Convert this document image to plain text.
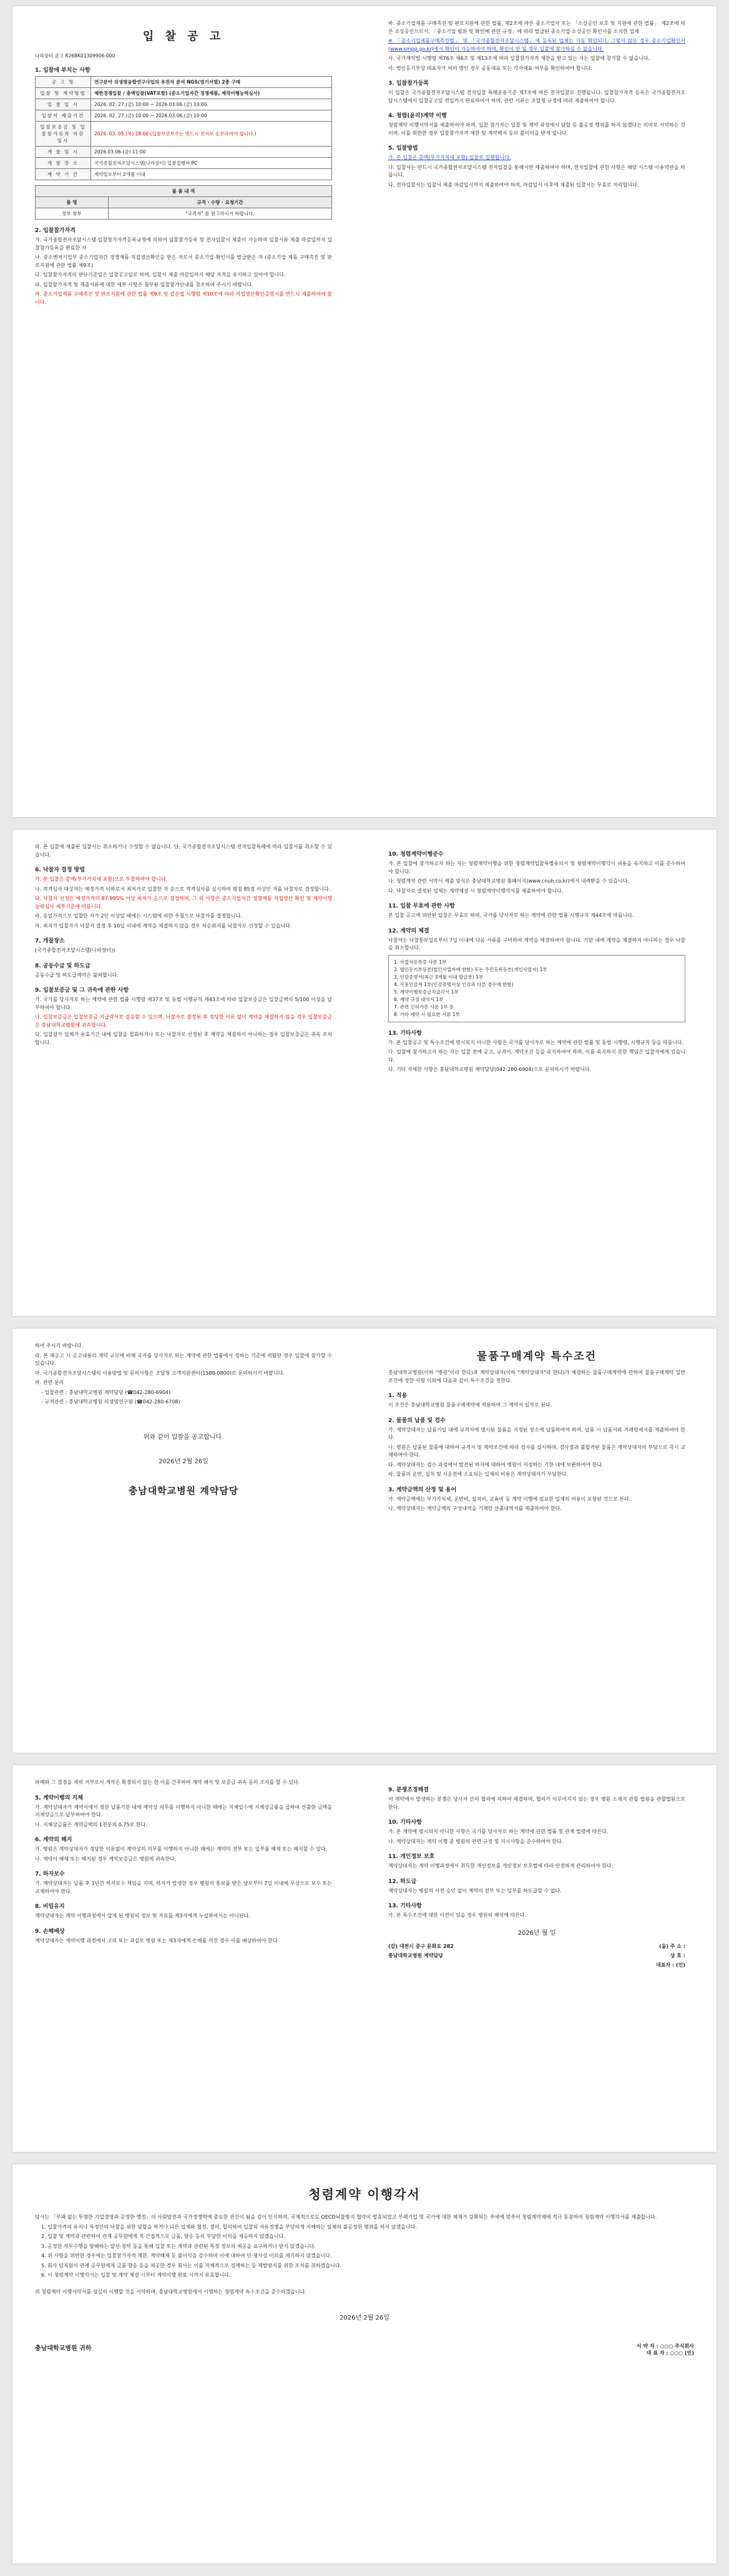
입 찰 공 고
나라장터 공고 R26BK01309906-000
1. 입찰에 부치는 사항
공 고 명	연구분야 의생명융합연구사업의 유전자 분석 NGS(염기서열) 2종 구매
입찰 및 계약방법	제한경쟁입찰 / 총액입찰(VAT포함) (중소기업자간 경쟁제품, 제작이행능력심사)
입 찰 일 시	2026. 02. 27.(금) 10:00 ~ 2026.03.06.(금) 10:00
입찰서 제출기간	2026. 02. 27.(금) 10:00 ~ 2026.03.06.(금) 10:00
입찰보증금 및 입찰참가등록 마감일시	2026. 03. 05.(목) 18:00 (입찰보증보수는 반드시 전자로 송부하여야 합니다.)
개 찰 일 시	2026.03.06.(금) 11:00
개 찰 장 소	국가종합전자조달시스템(나라장터) 입찰집행자 PC
계 약 기 간	계약일로부터 2개월 이내
물 품 내 역	
품 명	규격 · 수량 · 요청기간
장부 첨부	"규격서" 를 참고하시기 바랍니다.
2. 입찰참가자격

가. 국가종합전자조달시스템 입찰참가자격등록규정에 의하여 입찰참가등록 및 전자입찰서 제출이 가능하며 입찰서류 제출 마감일까지 입찰참가등록을 완료한 자

나. 중소벤처기업부 중소기업자간 경쟁제품 직접생산확인을 받은 자로서 중소기업 확인서를 발급받은 자 (중소기업 제품 구매촉진 및 판로지원에 관한 법률 제9조)

다. 입찰참가자격의 판단기준일은 입찰공고일로 하며, 입찰서 제출 마감일까지 해당 자격을 유지하고 있어야 합니다.

라. 입찰참가자격 및 제출서류에 대한 세부 사항은 첨부된 입찰참가안내를 참조하여 주시기 바랍니다.

마. 중소기업제품 구매촉진 및 판로지원에 관한 법률 제9조 및 같은법 시행령 제10조에 따라 직접생산확인증명서를 반드시 제출하여야 합니다.

바. 중소기업제품 구매촉진 및 판로지원에 관한 법률, 제2조에 따른 중소기업자 또는 「소상공인 보호 및 지원에 관한 법률」 제2조에 따른 소상공인으로서, 「중소기업 범위 및 확인에 관한 규정」에 따라 발급된 중소기업·소상공인 확인서를 소지한 업체

※ 「중소기업제품구매촉진법」 및 「국가종합전자조달시스템」에 등록된 업체는 자동 확인되나, 그렇지 않은 경우 중소기업확인서(www.smpp.go.kr)에서 확인이 가능하여야 하며, 확인이 안 될 경우 입찰에 참가하실 수 없습니다.

사. 국가계약법 시행령 제76조 제6조 및 제13조에 따라 입찰참가자격 제한을 받고 있는 자는 입찰에 참가할 수 없습니다.

아. 법인등기부상 대표자가 여러 명인 경우 공동대표 또는 각자대표 여부를 확인하여야 합니다.

3. 입찰참가등록

이 입찰은 국가종합전자조달시스템 전자입찰 특례운용기준 제7조에 따른 전자입찰로 진행됩니다. 입찰참가자격 등록은 국가종합전자조달시스템에서 입찰공고일 전일까지 완료하여야 하며, 관련 서류는 조달청 규정에 따라 제출하여야 합니다.

4. 청렴(윤리)계약 이행

청렴계약 이행서약서를 제출하여야 하며, 입찰 참가자는 입찰 및 계약 과정에서 담합 등 불공정 행위를 하지 않겠다는 의미로 서약하는 것이며, 이를 위반한 경우 입찰참가자격 제한 및 계약해지 등의 불이익을 받게 됩니다.

5. 입찰방법

가. 본 입찰은 총액(부가가치세 포함) 입찰로 집행합니다.

나. 입찰서는 반드시 국가종합전자조달시스템 전자입찰을 통해서만 제출하여야 하며, 전자입찰에 관한 사항은 해당 시스템 이용약관을 따릅니다.

다. 전자입찰서는 입찰서 제출 마감일시까지 제출하여야 하며, 마감일시 이후에 제출된 입찰서는 무효로 처리합니다.

라. 본 입찰에 제출된 입찰서는 취소하거나 수정할 수 없습니다. 단, 국가종합전자조달시스템 전자입찰특례에 따라 입찰서를 취소할 수 있습니다.

6. 낙찰자 결정 방법

가. 본 입찰은 총액(부가가치세 포함)으로 투찰하여야 합니다.

나. 적격심사 대상자는 예정가격 이하로서 최저가로 입찰한 자 순으로 적격심사를 실시하여 평점 85점 이상인 자를 낙찰자로 결정합니다.

다. 낙찰자 선정은 예정가격의 87.995% 이상 최저가 순으로 결정하며, 그 외 사항은 중소기업자간 경쟁제품 직접생산 확인 및 계약이행능력심사 세부기준에 따릅니다.

라. 동일가격으로 입찰한 자가 2인 이상일 때에는 시스템에 의한 추첨으로 낙찰자를 결정합니다.

마. 최저가 입찰자가 낙찰자 결정 후 10일 이내에 계약을 체결하지 않을 경우 차순위자를 낙찰자로 선정할 수 있습니다.

7. 개찰장소

(국가종합전자조달시스템(나라장터))

8. 공동수급 및 하도급

공동수급 및 하도급계약은 불허합니다.

9. 입찰보증금 및 그 귀속에 관한 사항

가. 국가를 당사자로 하는 계약에 관한 법률 시행령 제37조 및 동법 시행규칙 제43조에 따라 입찰보증금은 입찰금액의 5/100 이상을 납부하여야 합니다.

나. 입찰보증금은 입찰보증금 지급각서로 갈음할 수 있으며, 낙찰자로 결정된 후 정당한 이유 없이 계약을 체결하지 않을 경우 입찰보증금은 충남대학교병원에 귀속합니다.

다. 입찰참가 업체가 유효기간 내에 입찰을 철회하거나 또는 낙찰자로 선정된 후 계약을 체결하지 아니하는 경우 입찰보증금은 귀속 조치합니다.

10. 청렴계약이행준수

가. 본 입찰에 참가하고자 하는 자는 청렴계약이행을 위한 청렴계약입찰특별유의서 및 청렴계약이행각서 내용을 숙지하고 이를 준수하여야 합니다.

나. 청렴계약 관련 서약서 제출 양식은 충남대학교병원 홈페이지(www.cnuh.co.kr)에서 내려받을 수 있습니다.

다. 낙찰자로 결정된 업체는 계약체결 시 청렴계약이행각서를 제출하여야 합니다.

11. 입찰 무효에 관한 사항

본 입찰 공고에 위반된 입찰은 무효로 하며, 국가를 당사자로 하는 계약에 관한 법률 시행규칙 제44조에 따릅니다.

12. 계약의 체결

낙찰자는 낙찰통보일로부터 7일 이내에 다음 서류를 구비하여 계약을 체결하여야 합니다. 기한 내에 계약을 체결하지 아니하는 경우 낙찰을 취소합니다.

1. 사업자등록증 사본 1부
2. 법인등기부등본(법인사업자에 한함) 또는 주민등록등본(개인사업자) 1부
3. 인감증명서(최근 3개월 이내 발급분) 1부
4. 사용인감계 1부(인감증명서상 인감과 다른 경우에 한함)
5. 계약이행보증금지급각서 1부
6. 계약 규정 내역서 1부
7. 관련 인허가증 사본 1부 등
8. 기타 계약 시 필요한 서류 1부
13. 기타사항

가. 본 입찰공고 및 특수조건에 명시되지 아니한 사항은 국가를 당사자로 하는 계약에 관한 법률 및 동법 시행령, 시행규칙 등을 따릅니다.

나. 입찰에 참가하고자 하는 자는 입찰 전에 공고, 규격서, 계약조건 등을 숙지하여야 하며, 이를 숙지하지 못한 책임은 입찰자에게 있습니다.

다. 기타 자세한 사항은 충남대학교병원 계약담당(042-280-6904)으로 문의하시기 바랍니다.

하여 주시기 바랍니다.

라. 본 재공고 시 공고내용의 계약 규모에 비해 국가를 당사자로 하는 계약에 관한 법률에서 정하는 기준에 적합한 경우 입찰에 참가할 수 있습니다.

마. 국가종합전자조달시스템의 이용방법 및 문의사항은 조달청 고객지원센터(1588-0800)로 문의하시기 바랍니다.

바. 관련 문의

- 입찰관련 : 충남대학교병원 계약담당 (☎042-280-6904)

- 규격관련 : 충남대학교병원 의생명연구원 (☎042-280-6708)

위와 같이 입찰을 공고합니다.
2026년 2월 26일
충남대학교병원 계약담당
물품구매계약 특수조건

충남대학교병원(이하 "병원"이라 한다)과 계약상대자(이하 "계약상대자"라 한다)가 체결하는 물품구매계약에 관하여 물품구매계약 일반조건에 정한 사항 이외에 다음과 같이 특수조건을 정한다.

1. 적용

이 조건은 충남대학교병원 물품구매계약에 적용하며 그 계약서 일부로 된다.

2. 물품의 납품 및 검수

가. 계약상대자는 납품기일 내에 규격서에 명시된 물품을 지정된 장소에 납품하여야 하며, 납품 시 납품서와 거래명세서를 제출하여야 한다.

나. 병원은 납품된 물품에 대하여 규격서 및 계약조건에 따라 검사를 실시하며, 검사결과 불합격된 물품은 계약상대자의 부담으로 즉시 교체하여야 한다.

다. 계약상대자는 검수 과정에서 발견된 하자에 대하여 병원이 지정하는 기한 내에 보완하여야 한다.

라. 물품의 운반, 설치 및 시운전에 소요되는 일체의 비용은 계약상대자가 부담한다.

3. 계약금액의 산정 및 용어

가. 계약금액에는 부가가치세, 운반비, 설치비, 교육비 등 계약 이행에 필요한 일체의 비용이 포함된 것으로 본다.

나. 계약상대자는 계약금액의 구성내역을 기재한 산출내역서를 제출하여야 한다.

파례와 그 결정을 제의 거부로서 계약은 확정되지 않는 한 이를 간주하며 계약 해지 및 보증금 귀속 등의 조치를 할 수 있다.

5. 계약이행의 지체

가. 계약상대자가 계약서에서 정한 납품기한 내에 계약상 의무를 이행하지 아니한 때에는 지체일수에 지체상금률을 곱하여 산출한 금액을 지체상금으로 납부하여야 한다.

나. 지체상금률은 계약금액의 1천분의 0.75로 한다.

6. 계약의 해지

가. 병원은 계약상대자가 정당한 이유없이 계약상의 의무를 이행하지 아니한 때에는 계약의 전부 또는 일부를 해제 또는 해지할 수 있다.

나. 계약이 해제 또는 해지된 경우 계약보증금은 병원에 귀속한다.

7. 하자보수

가. 계약상대자는 납품 후 1년간 하자보수 책임을 지며, 하자가 발생한 경우 병원의 통보를 받은 날로부터 7일 이내에 무상으로 보수 또는 교체하여야 한다.

8. 비밀유지

계약상대자는 계약 이행과정에서 알게 된 병원의 정보 및 자료를 제3자에게 누설하여서는 아니된다.

9. 손해배상

계약상대자는 계약이행 과정에서 고의 또는 과실로 병원 또는 제3자에게 손해를 끼친 경우 이를 배상하여야 한다.

9. 분쟁조정해결

이 계약에서 발생하는 분쟁은 당사자 간의 협의에 의하여 해결하며, 협의가 이루어지지 않는 경우 병원 소재지 관할 법원을 관할법원으로 한다.

10. 기타사항

가. 본 계약에 명시되지 아니한 사항은 국가를 당사자로 하는 계약에 관한 법률 및 관계 법령에 따른다.

나. 계약상대자는 계약 이행 중 병원의 관련 규정 및 지시사항을 준수하여야 한다.

11. 개인정보 보호

계약상대자는 계약 이행과정에서 취득한 개인정보를 개인정보 보호법에 따라 안전하게 관리하여야 한다.

12. 하도급

계약상대자는 병원의 사전 승인 없이 계약의 전부 또는 일부를 하도급할 수 없다.

13. 기타사항

가. 본 특수조건에 대한 이견이 있을 경우 병원의 해석에 따른다.

2026년 월 일
(갑) 대전시 중구 문화로 282	(을) 주 소 :
충남대학교병원 계약담당	상 호 :
대표자 : (인)
청렴계약 이행각서

당사는 「부패 없는 투명한 기업경영과 공정한 행정」이 사회발전과 국가경쟁력에 중요한 관건이 됨을 깊이 인식하며, 국제적으로도 OECD뇌물방지 협약이 발효되었고 부패기업 및 국가에 대한 제재가 강화되는 추세에 맞추어 청렴계약제에 적극 동참하여 청렴계약 이행각서를 제출합니다.

1. 입찰가격의 유지나 특정인의 낙찰을 위한 담합을 하거나 다른 업체와 협정, 결의, 합의하여 입찰의 자유경쟁을 부당하게 저해하는 일체의 불공정한 행위를 하지 않겠습니다.

2. 입찰 및 계약과 관련하여 관계 공무원에게 직·간접적으로 금품, 향응 등의 부당한 이익을 제공하지 않겠습니다.

3. 공정한 직무수행을 방해하는 알선·청탁 등을 통해 입찰 또는 계약과 관련된 특정 정보의 제공을 요구하거나 받지 않겠습니다.

4. 위 사항을 위반한 경우에는 입찰참가자격 제한, 계약해제 등 불이익을 감수하며 이에 대하여 민·형사상 이의를 제기하지 않겠습니다.

5. 회사 임직원이 관계 공무원에게 금품·향응 등을 제공한 경우 회사는 이를 자체적으로 징계하는 등 재발방지를 위한 조치를 취하겠습니다.

6. 이 청렴계약 이행각서는 입찰 및 계약 체결 시부터 계약이행 완료 시까지 유효합니다.

위 청렴계약 이행서약서를 성실히 이행할 것을 서약하며, 충남대학교병원에서 시행하는 청렴계약 특수조건을 준수하겠습니다.

2026년 2월 26일
충남대학교병원 귀하	서 약 자 : ○○○ 주식회사
대 표 자 : ○○○ (인)
